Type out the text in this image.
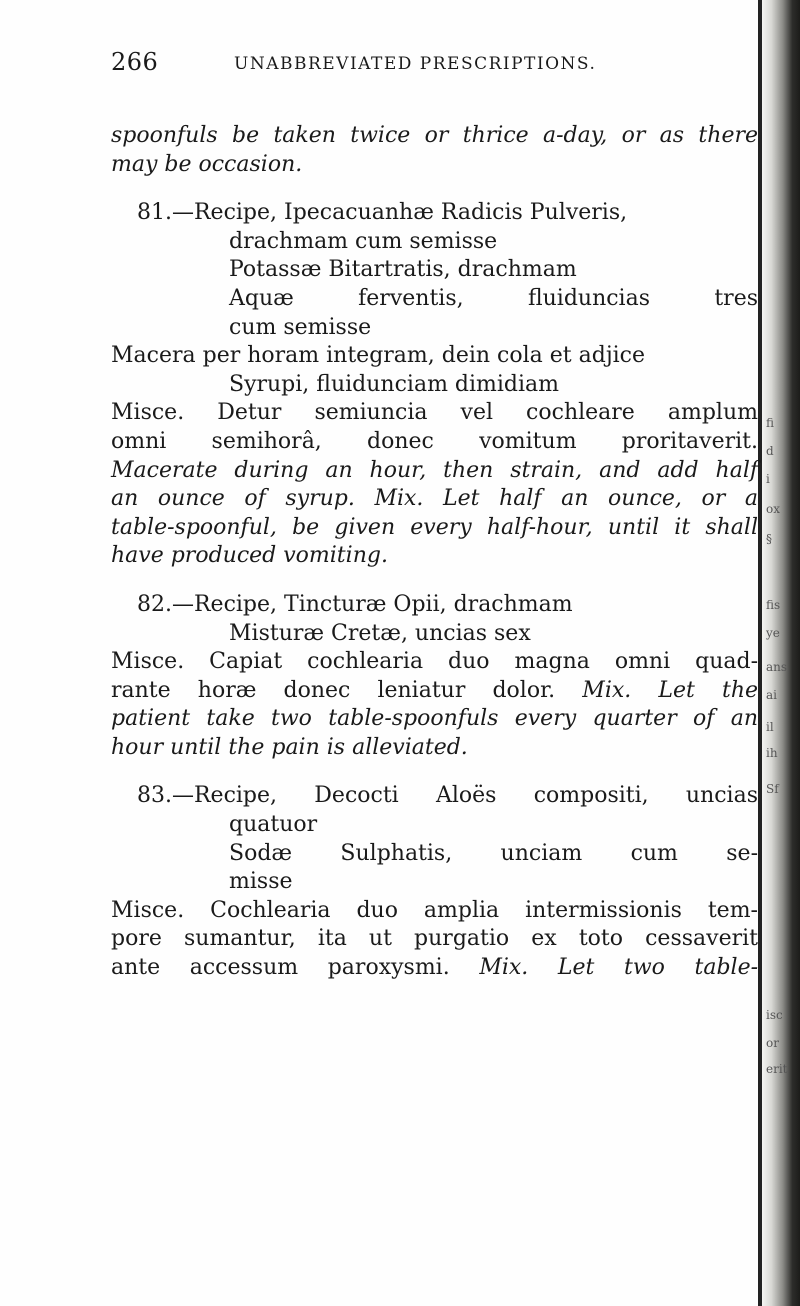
fi
d
i
ox
§
fis
ye
ans
ai
il
ih
Sf
isc
or
erit
266	UNABBREVIATED PRESCRIPTIONS.
spoonfuls be taken twice or thrice a-day, or as there
may be occasion.
81.—Recipe, Ipecacuanhæ Radicis Pulveris,
drachmam cum semisse
Potassæ Bitartratis, drachmam
Aquæ ferventis, fluiduncias tres
cum semisse
Macera per horam integram, dein cola et adjice
Syrupi, fluidunciam dimidiam
Misce. Detur semiuncia vel cochleare amplum
omni semihorâ, donec vomitum proritaverit.
Macerate during an hour, then strain, and add half
an ounce of syrup. Mix. Let half an ounce, or a
table-spoonful, be given every half-hour, until it shall
have produced vomiting.
82.—Recipe, Tincturæ Opii, drachmam
Misturæ Cretæ, uncias sex
Misce. Capiat cochlearia duo magna omni quad-
rante horæ donec leniatur dolor. Mix. Let the
patient take two table-spoonfuls every quarter of an
hour until the pain is alleviated.
83.—Recipe, Decocti Aloës compositi, uncias
quatuor
Sodæ Sulphatis, unciam cum se-
misse
Misce. Cochlearia duo amplia intermissionis tem-
pore sumantur, ita ut purgatio ex toto cessaverit
ante accessum paroxysmi. Mix. Let two table-
